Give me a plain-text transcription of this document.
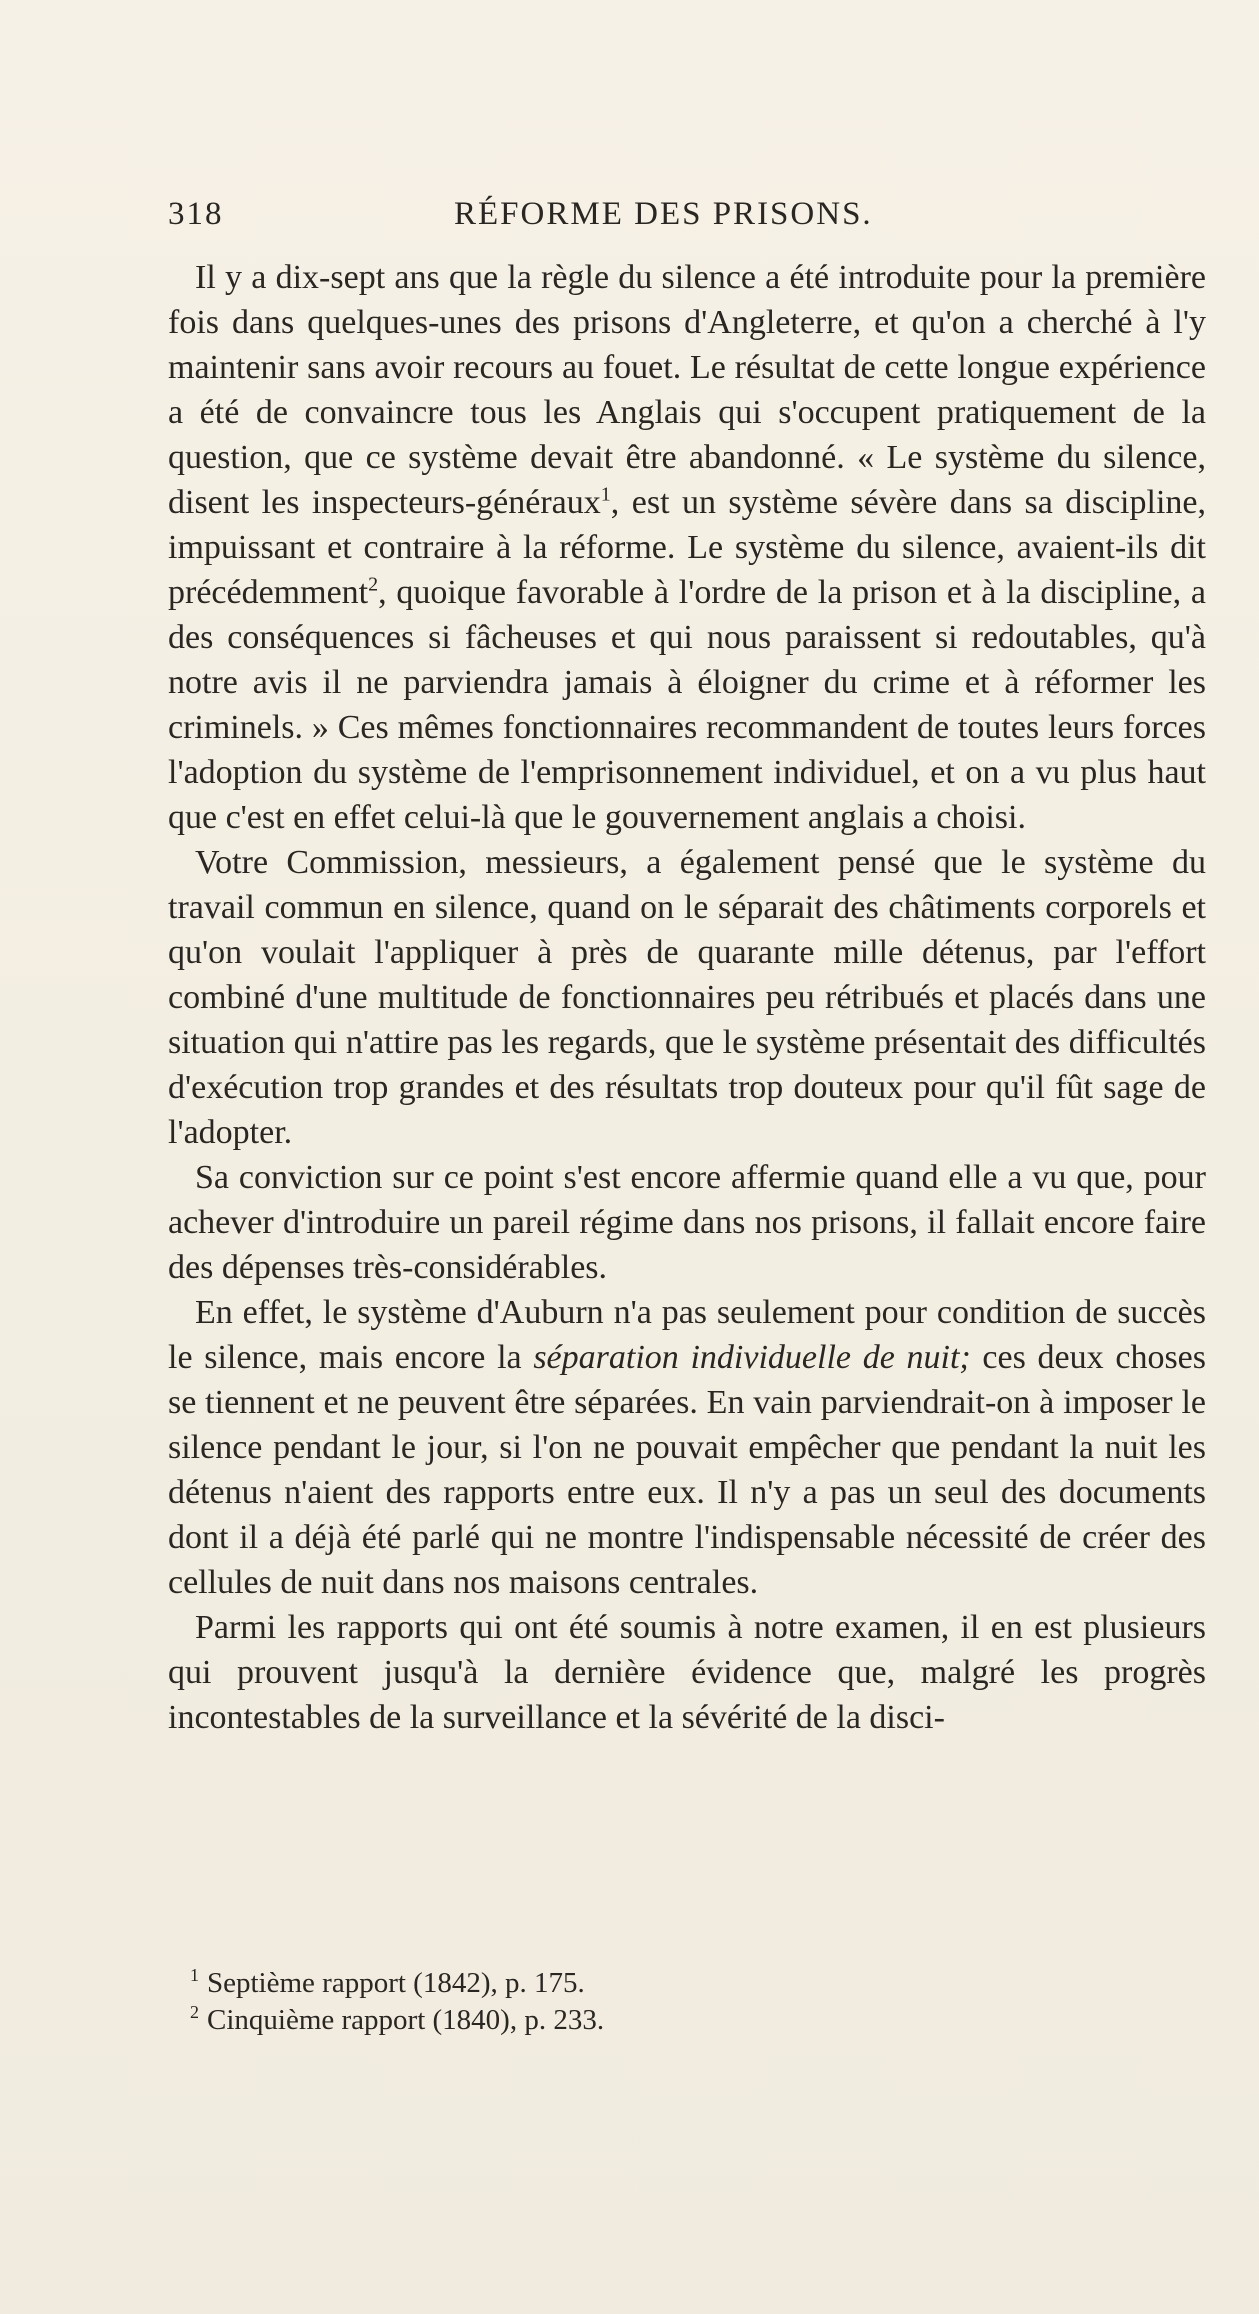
318	RÉFORME DES PRISONS.

Il y a dix-sept ans que la règle du silence a été introduite pour la première fois dans quelques-unes des prisons d'Angleterre, et qu'on a cherché à l'y maintenir sans avoir recours au fouet. Le résultat de cette longue expérience a été de convaincre tous les Anglais qui s'occupent pratiquement de la question, que ce système devait être abandonné. « Le système du silence, disent les inspecteurs-généraux$^1$, est un système sévère dans sa discipline, impuissant et contraire à la réforme. Le système du silence, avaient-ils dit précédemment$^2$, quoique favorable à l'ordre de la prison et à la discipline, a des conséquences si fâcheuses et qui nous paraissent si redoutables, qu'à notre avis il ne parviendra jamais à éloigner du crime et à réformer les criminels. » Ces mêmes fonctionnaires recommandent de toutes leurs forces l'adoption du système de l'emprisonnement individuel, et on a vu plus haut que c'est en effet celui-là que le gouvernement anglais a choisi.

Votre Commission, messieurs, a également pensé que le système du travail commun en silence, quand on le séparait des châtiments corporels et qu'on voulait l'appliquer à près de quarante mille détenus, par l'effort combiné d'une multitude de fonctionnaires peu rétribués et placés dans une situation qui n'attire pas les regards, que le système présentait des difficultés d'exécution trop grandes et des résultats trop douteux pour qu'il fût sage de l'adopter.

Sa conviction sur ce point s'est encore affermie quand elle a vu que, pour achever d'introduire un pareil régime dans nos prisons, il fallait encore faire des dépenses très-considérables.

En effet, le système d'Auburn n'a pas seulement pour condition de succès le silence, mais encore la séparation individuelle de nuit; ces deux choses se tiennent et ne peuvent être séparées. En vain parviendrait-on à imposer le silence pendant le jour, si l'on ne pouvait empêcher que pendant la nuit les détenus n'aient des rapports entre eux. Il n'y a pas un seul des documents dont il a déjà été parlé qui ne montre l'indispensable nécessité de créer des cellules de nuit dans nos maisons centrales.

Parmi les rapports qui ont été soumis à notre examen, il en est plusieurs qui prouvent jusqu'à la dernière évidence que, malgré les progrès incontestables de la surveillance et la sévérité de la disci-

$^1$ Septième rapport (1842), p. 175.

$^2$ Cinquième rapport (1840), p. 233.
